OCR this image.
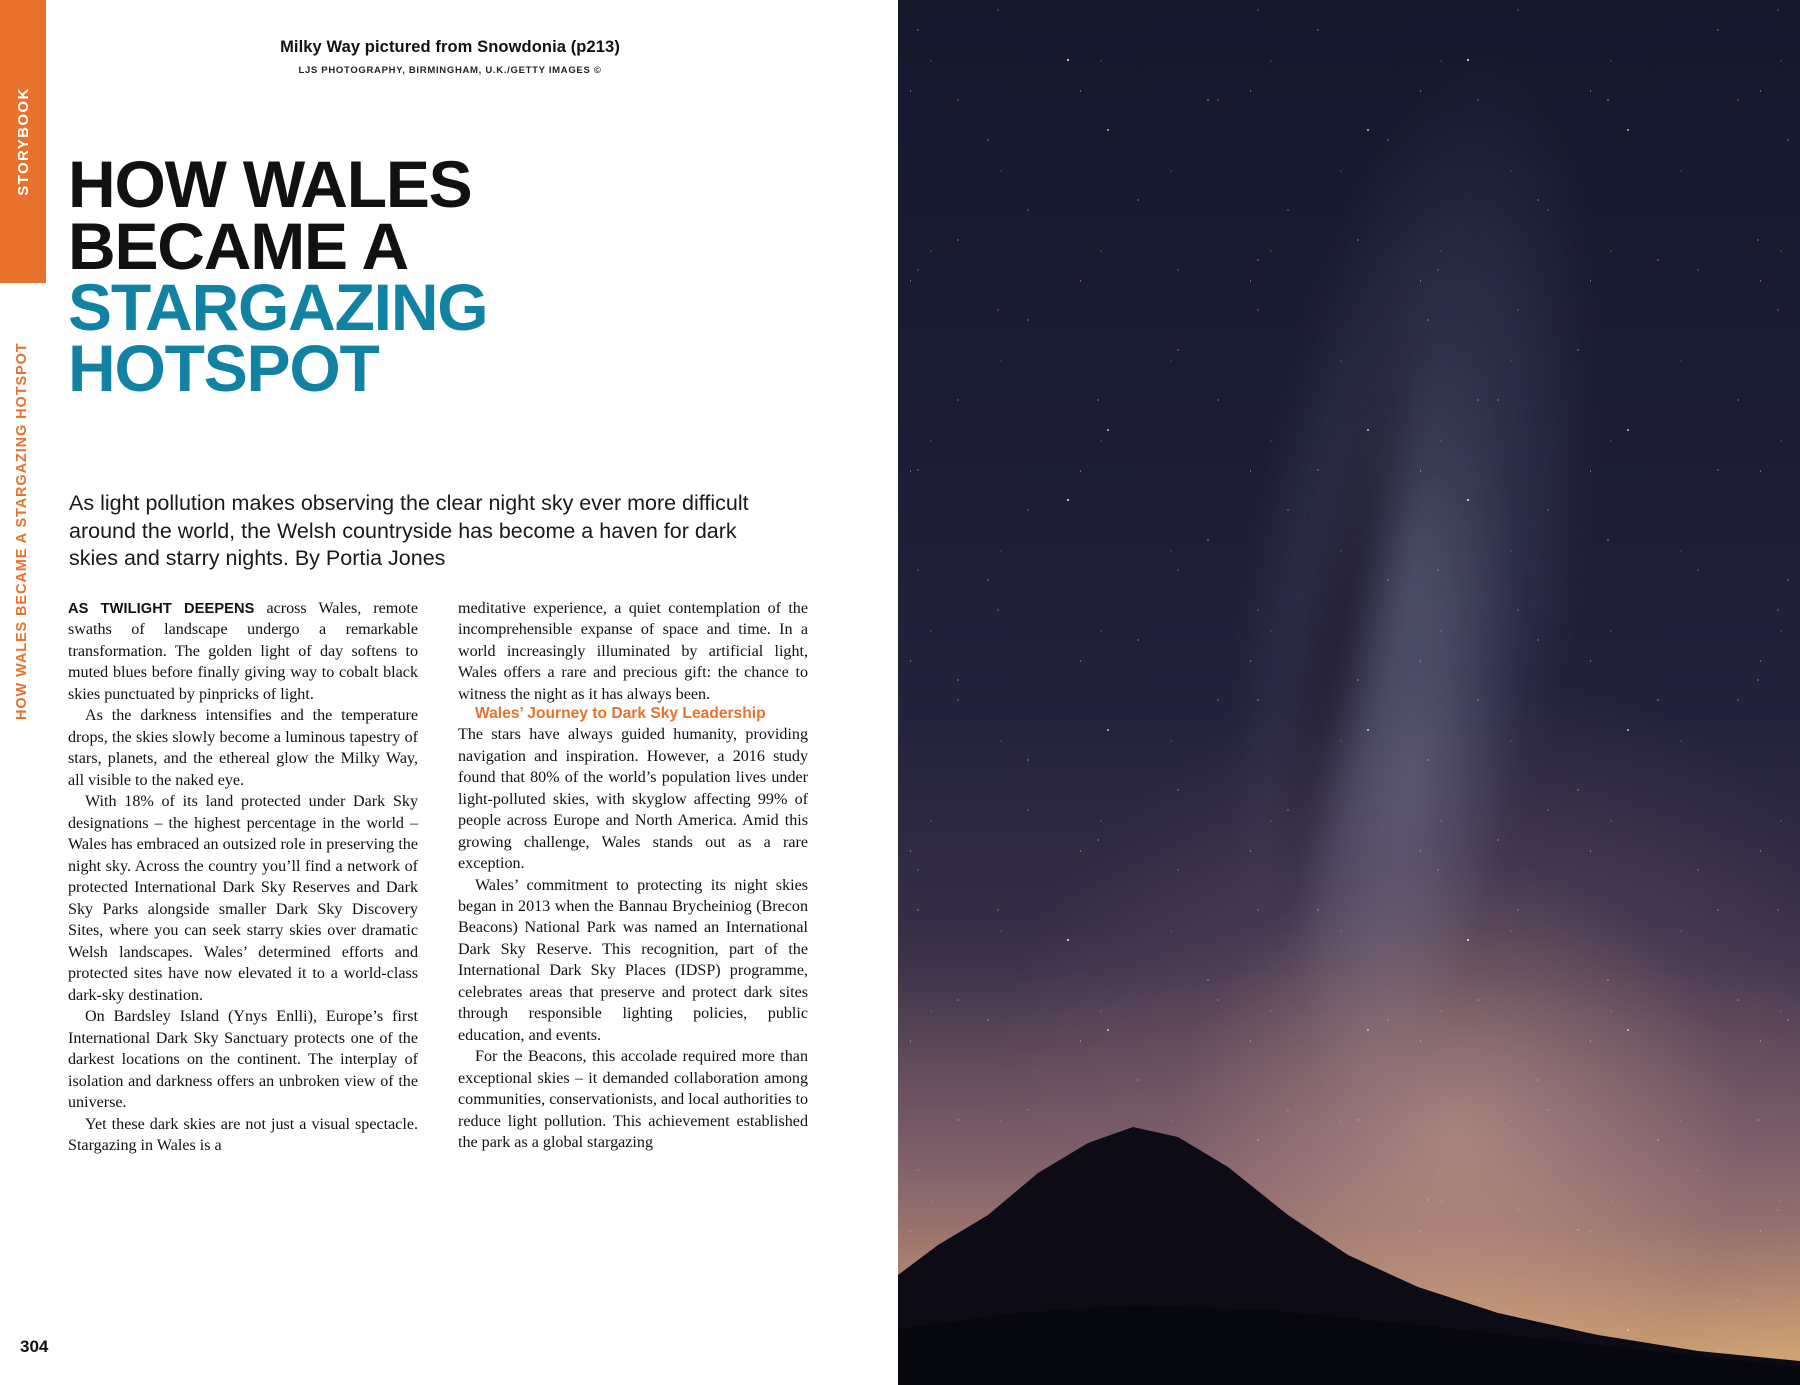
STORYBOOK
HOW WALES BECAME A STARGAZING HOTSPOT
Milky Way pictured from Snowdonia (p213)
LJS PHOTOGRAPHY, BIRMINGHAM, U.K./GETTY IMAGES ©
HOW WALES
BECAME A
STARGAZING
HOTSPOT
As light pollution makes observing the clear night sky ever more difficult around the world, the Welsh countryside has become a haven for dark skies and starry nights. By Portia Jones

AS TWILIGHT DEEPENS across Wales, remote swaths of landscape undergo a remarkable transformation. The golden light of day softens to muted blues before finally giving way to cobalt black skies punctuated by pinpricks of light.

As the darkness intensifies and the temperature drops, the skies slowly become a luminous tapestry of stars, planets, and the ethereal glow the Milky Way, all visible to the naked eye.

With 18% of its land protected under Dark Sky designations – the highest percentage in the world – Wales has embraced an outsized role in preserving the night sky. Across the country you’ll find a network of protected International Dark Sky Reserves and Dark Sky Parks alongside smaller Dark Sky Discovery Sites, where you can seek starry skies over dramatic Welsh landscapes. Wales’ determined efforts and protected sites have now elevated it to a world-class dark-sky destination.

On Bardsley Island (Ynys Enlli), Europe’s first International Dark Sky Sanctuary protects one of the darkest locations on the continent. The interplay of isolation and darkness offers an unbroken view of the universe.

Yet these dark skies are not just a visual spectacle. Stargazing in Wales is a

meditative experience, a quiet contemplation of the incomprehensible expanse of space and time. In a world increasingly illuminated by artificial light, Wales offers a rare and precious gift: the chance to witness the night as it has always been.

Wales’ Journey to Dark Sky Leadership

The stars have always guided humanity, providing navigation and inspiration. However, a 2016 study found that 80% of the world’s population lives under light-polluted skies, with skyglow affecting 99% of people across Europe and North America. Amid this growing challenge, Wales stands out as a rare exception.

Wales’ commitment to protecting its night skies began in 2013 when the Bannau Brycheiniog (Brecon Beacons) National Park was named an International Dark Sky Reserve. This recognition, part of the International Dark Sky Places (IDSP) programme, celebrates areas that preserve and protect dark sites through responsible lighting policies, public education, and events.

For the Beacons, this accolade required more than exceptional skies – it demanded collaboration among communities, conservationists, and local authorities to reduce light pollution. This achievement established the park as a global stargazing

304
